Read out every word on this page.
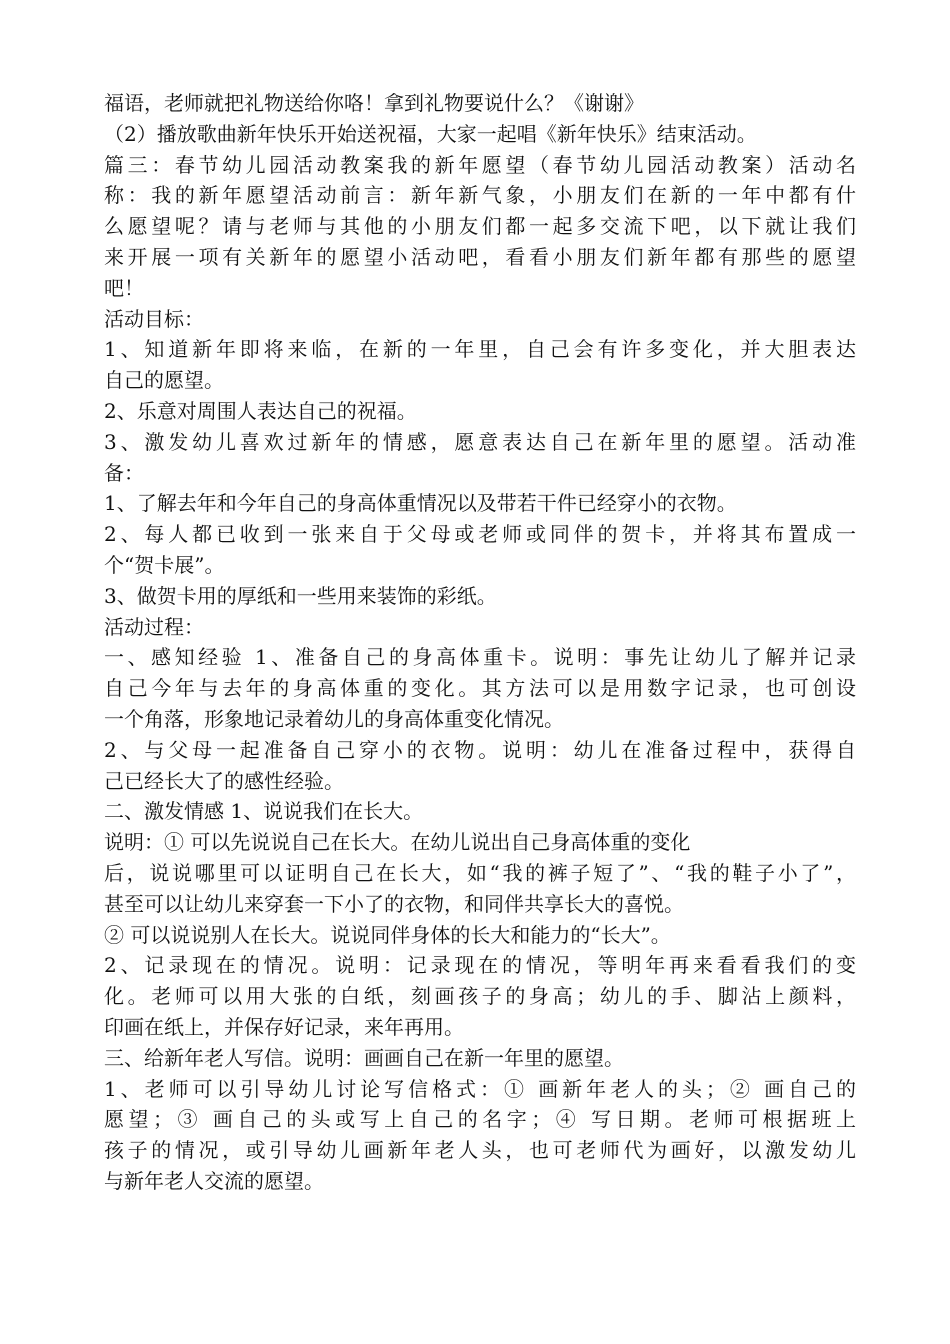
福语，老师就把礼物送给你咯！拿到礼物要说什么？《谢谢》
（2）播放歌曲新年快乐开始送祝福，大家一起唱《新年快乐》结束活动。
篇三：春节幼儿园活动教案我的新年愿望（春节幼儿园活动教案）活动名
称：我的新年愿望活动前言：新年新气象，小朋友们在新的一年中都有什
么愿望呢？请与老师与其他的小朋友们都一起多交流下吧，以下就让我们
来开展一项有关新年的愿望小活动吧，看看小朋友们新年都有那些的愿望
吧！
活动目标：
1、知道新年即将来临，在新的一年里，自己会有许多变化，并大胆表达
自己的愿望。
2、乐意对周围人表达自己的祝福。
3、激发幼儿喜欢过新年的情感，愿意表达自己在新年里的愿望。活动准
备：
1、了解去年和今年自己的身高体重情况以及带若干件已经穿小的衣物。
2、每人都已收到一张来自于父母或老师或同伴的贺卡，并将其布置成一
个“贺卡展”。
3、做贺卡用的厚纸和一些用来装饰的彩纸。
活动过程：
一、感知经验 1、准备自己的身高体重卡。说明：事先让幼儿了解并记录
自己今年与去年的身高体重的变化。其方法可以是用数字记录，也可创设
一个角落，形象地记录着幼儿的身高体重变化情况。
2、与父母一起准备自己穿小的衣物。说明：幼儿在准备过程中，获得自
己已经长大了的感性经验。
二、激发情感 1、说说我们在长大。
说明：① 可以先说说自己在长大。在幼儿说出自己身高体重的变化
后，说说哪里可以证明自己在长大，如“我的裤子短了”、“我的鞋子小了”，
甚至可以让幼儿来穿套一下小了的衣物，和同伴共享长大的喜悦。
② 可以说说别人在长大。说说同伴身体的长大和能力的“长大”。
2、记录现在的情况。说明：记录现在的情况，等明年再来看看我们的变
化。老师可以用大张的白纸，刻画孩子的身高；幼儿的手、脚沾上颜料，
印画在纸上，并保存好记录，来年再用。
三、给新年老人写信。说明：画画自己在新一年里的愿望。
1、老师可以引导幼儿讨论写信格式：① 画新年老人的头；② 画自己的
愿望；③ 画自己的头或写上自己的名字；④ 写日期。老师可根据班上
孩子的情况，或引导幼儿画新年老人头，也可老师代为画好，以激发幼儿
与新年老人交流的愿望。
